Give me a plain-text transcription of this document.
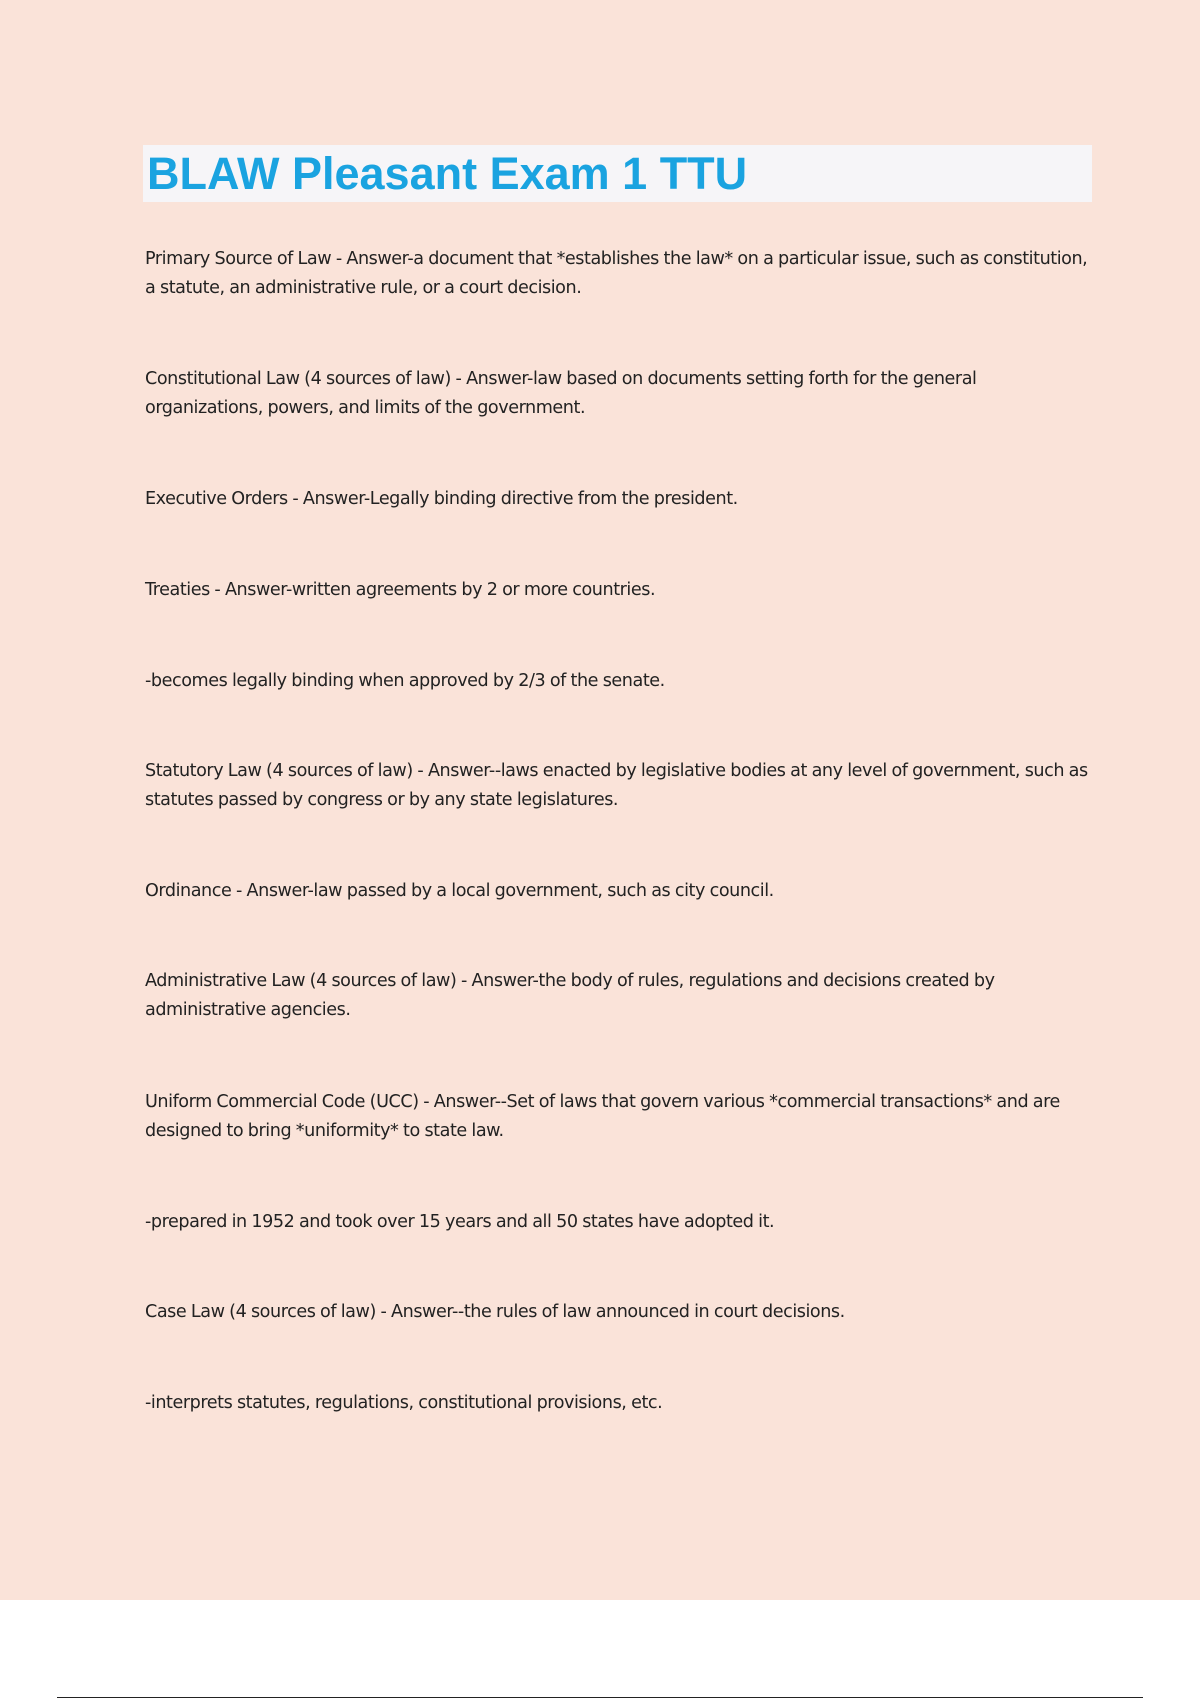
BLAW Pleasant Exam 1 TTU

Primary Source of Law - Answer-a document that *establishes the law* on a particular issue, such as constitution, a statute, an administrative rule, or a court decision.

Constitutional Law (4 sources of law) - Answer-law based on documents setting forth for the general organizations, powers, and limits of the government.

Executive Orders - Answer-Legally binding directive from the president.

Treaties - Answer-written agreements by 2 or more countries.

-becomes legally binding when approved by 2/3 of the senate.

Statutory Law (4 sources of law) - Answer--laws enacted by legislative bodies at any level of government, such as statutes passed by congress or by any state legislatures.

Ordinance - Answer-law passed by a local government, such as city council.

Administrative Law (4 sources of law) - Answer-the body of rules, regulations and decisions created by administrative agencies.

Uniform Commercial Code (UCC) - Answer--Set of laws that govern various *commercial transactions* and are designed to bring *uniformity* to state law.

-prepared in 1952 and took over 15 years and all 50 states have adopted it.

Case Law (4 sources of law) - Answer--the rules of law announced in court decisions.

-interprets statutes, regulations, constitutional provisions, etc.
